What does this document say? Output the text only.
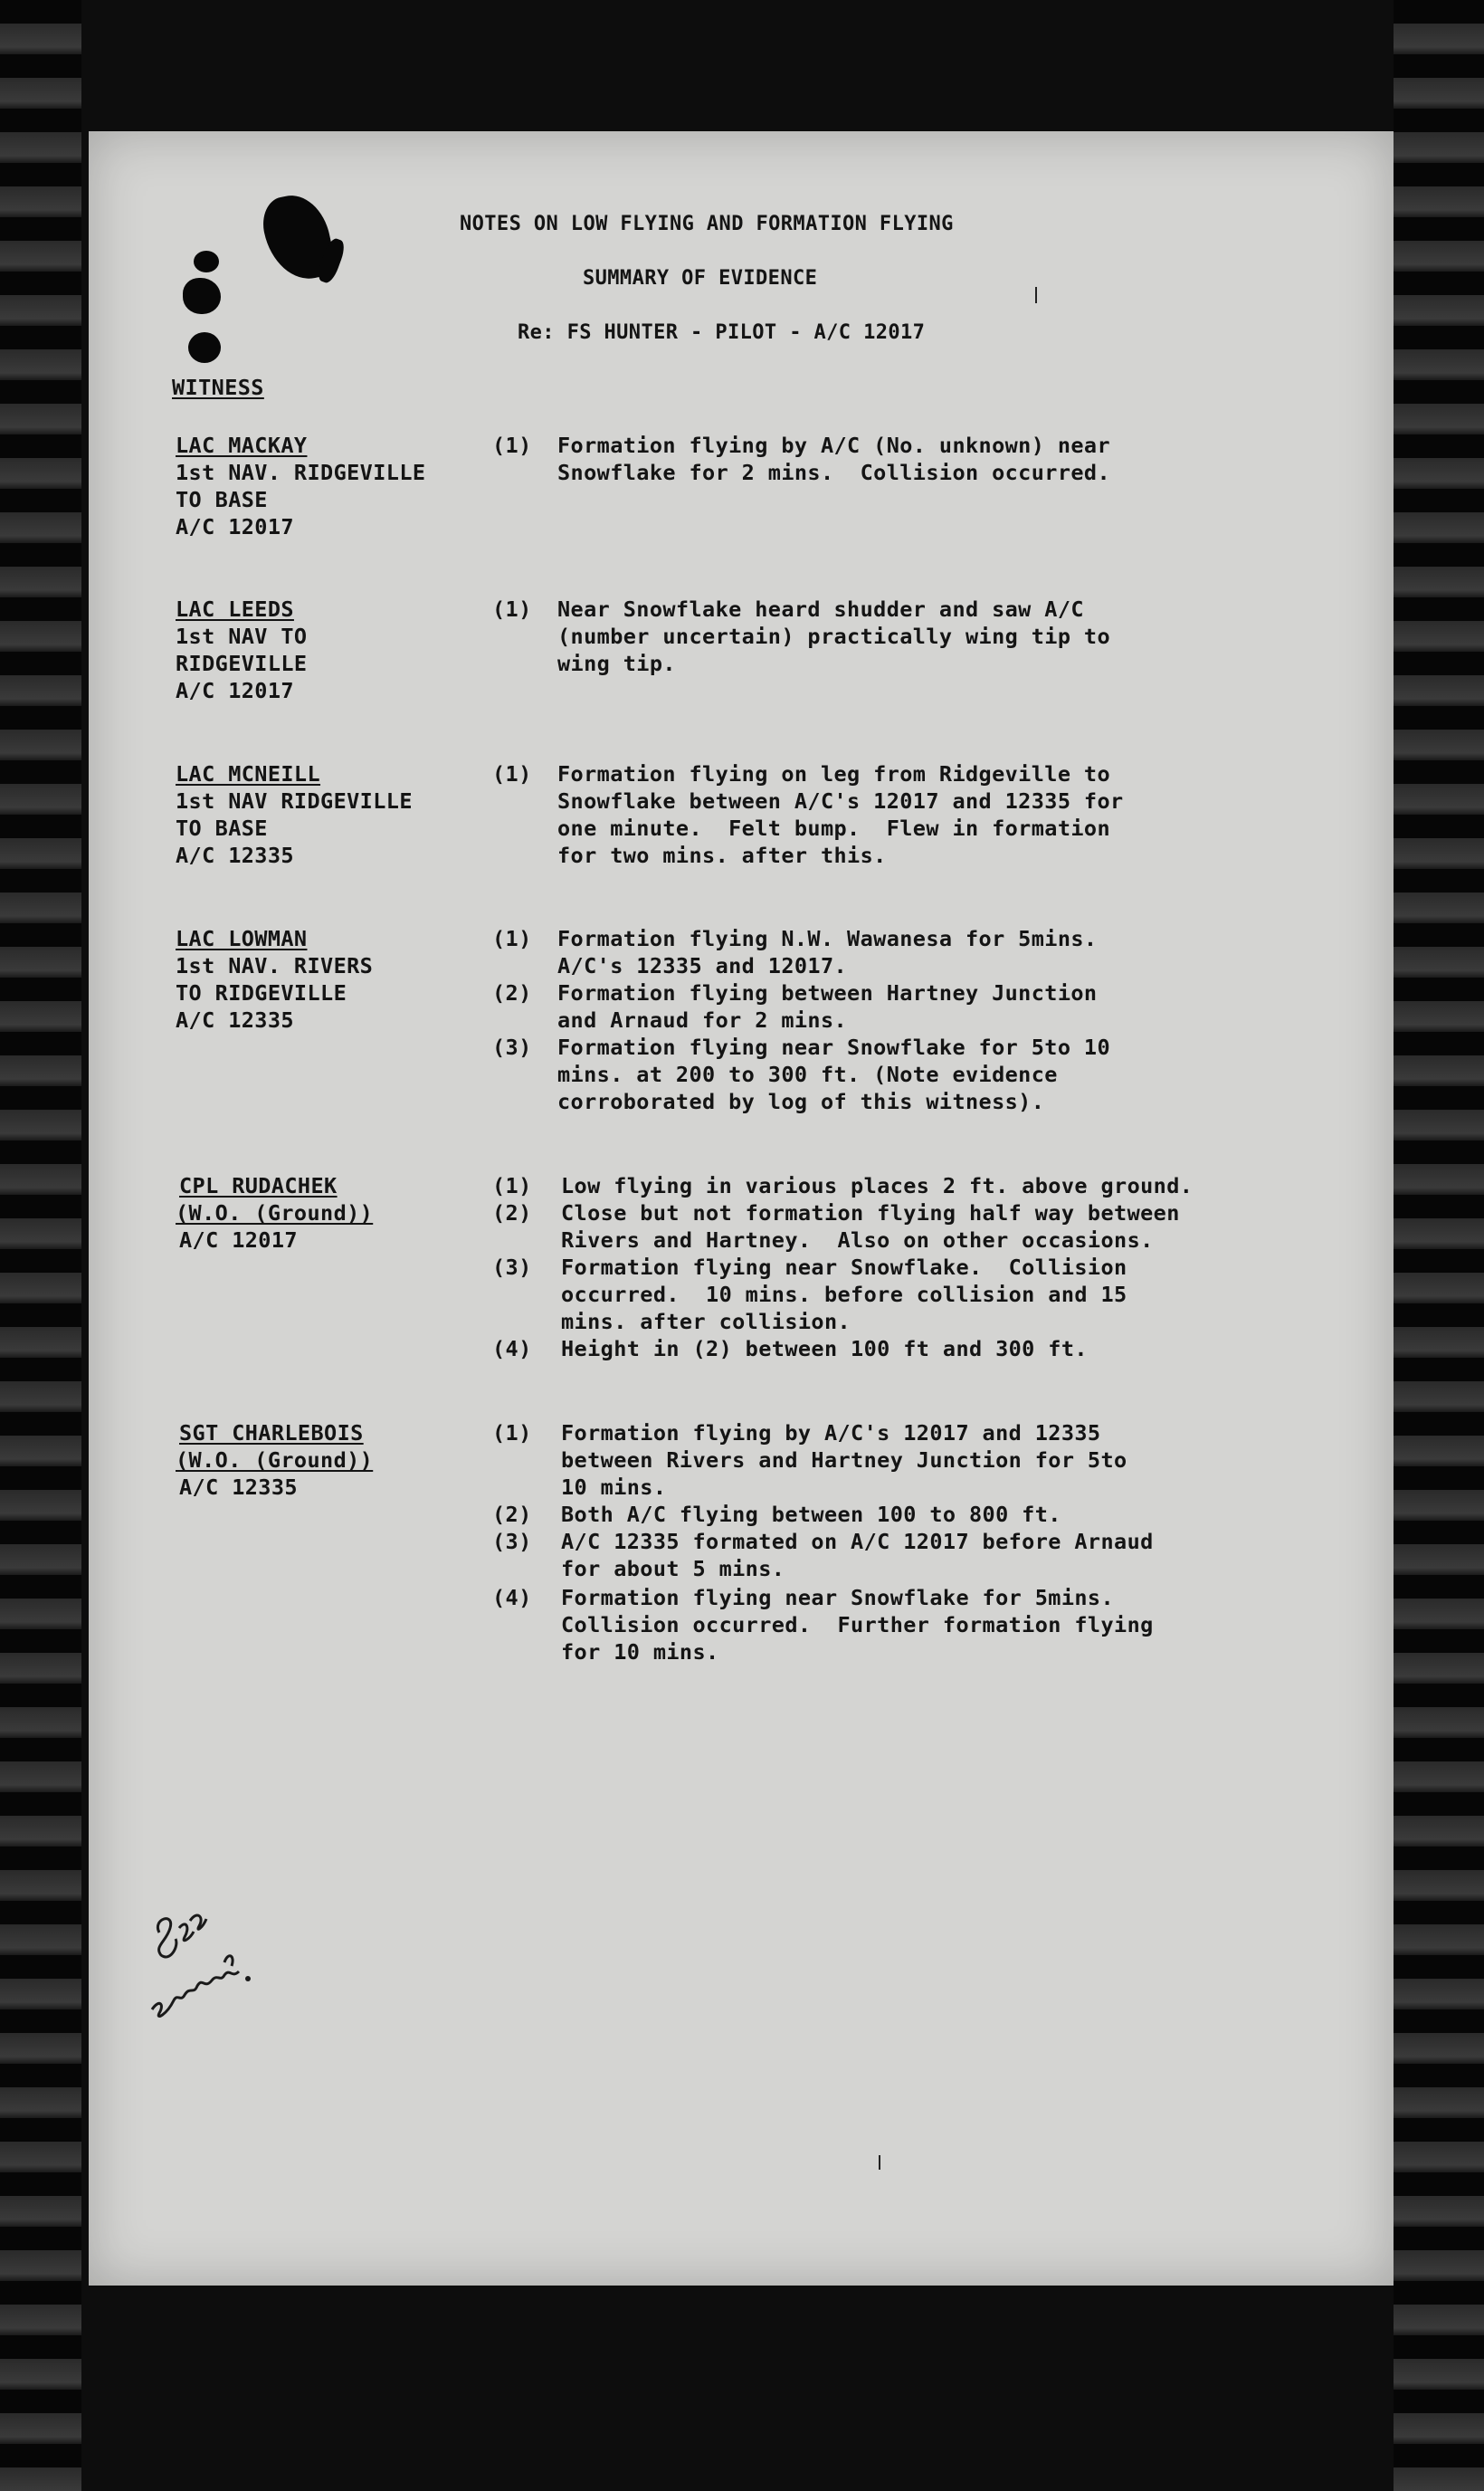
NOTES ON LOW FLYING AND FORMATION FLYING
SUMMARY OF EVIDENCE
Re: FS HUNTER - PILOT - A/C 12017
WITNESS
LAC MACKAY
1st NAV. RIDGEVILLE
TO BASE
A/C 12017
(1) Formation flying by A/C (No. unknown) near
Snowflake for 2 mins.  Collision occurred.
LAC LEEDS
1st NAV TO
RIDGEVILLE
A/C 12017
(1) Near Snowflake heard shudder and saw A/C
(number uncertain) practically wing tip to
wing tip.
LAC MCNEILL
1st NAV RIDGEVILLE
TO BASE
A/C 12335
(1) Formation flying on leg from Ridgeville to
Snowflake between A/C's 12017 and 12335 for
one minute.  Felt bump.  Flew in formation
for two mins. after this.
LAC LOWMAN
1st NAV. RIVERS
TO RIDGEVILLE
A/C 12335
(1) Formation flying N.W. Wawanesa for 5mins.
A/C's 12335 and 12017.
(2) Formation flying between Hartney Junction
and Arnaud for 2 mins.
(3) Formation flying near Snowflake for 5to 10
mins. at 200 to 300 ft. (Note evidence
corroborated by log of this witness).
CPL RUDACHEK
(W.O. (Ground))
A/C 12017
(1) Low flying in various places 2 ft. above ground.
(2) Close but not formation flying half way between
Rivers and Hartney.  Also on other occasions.
(3) Formation flying near Snowflake.  Collision
occurred.  10 mins. before collision and 15
mins. after collision.
(4) Height in (2) between 100 ft and 300 ft.
SGT CHARLEBOIS
(W.O. (Ground))
A/C 12335
(1) Formation flying by A/C's 12017 and 12335
between Rivers and Hartney Junction for 5to
10 mins.
(2) Both A/C flying between 100 to 800 ft.
(3) A/C 12335 formated on A/C 12017 before Arnaud
for about 5 mins.
(4) Formation flying near Snowflake for 5mins.
Collision occurred.  Further formation flying
for 10 mins.
